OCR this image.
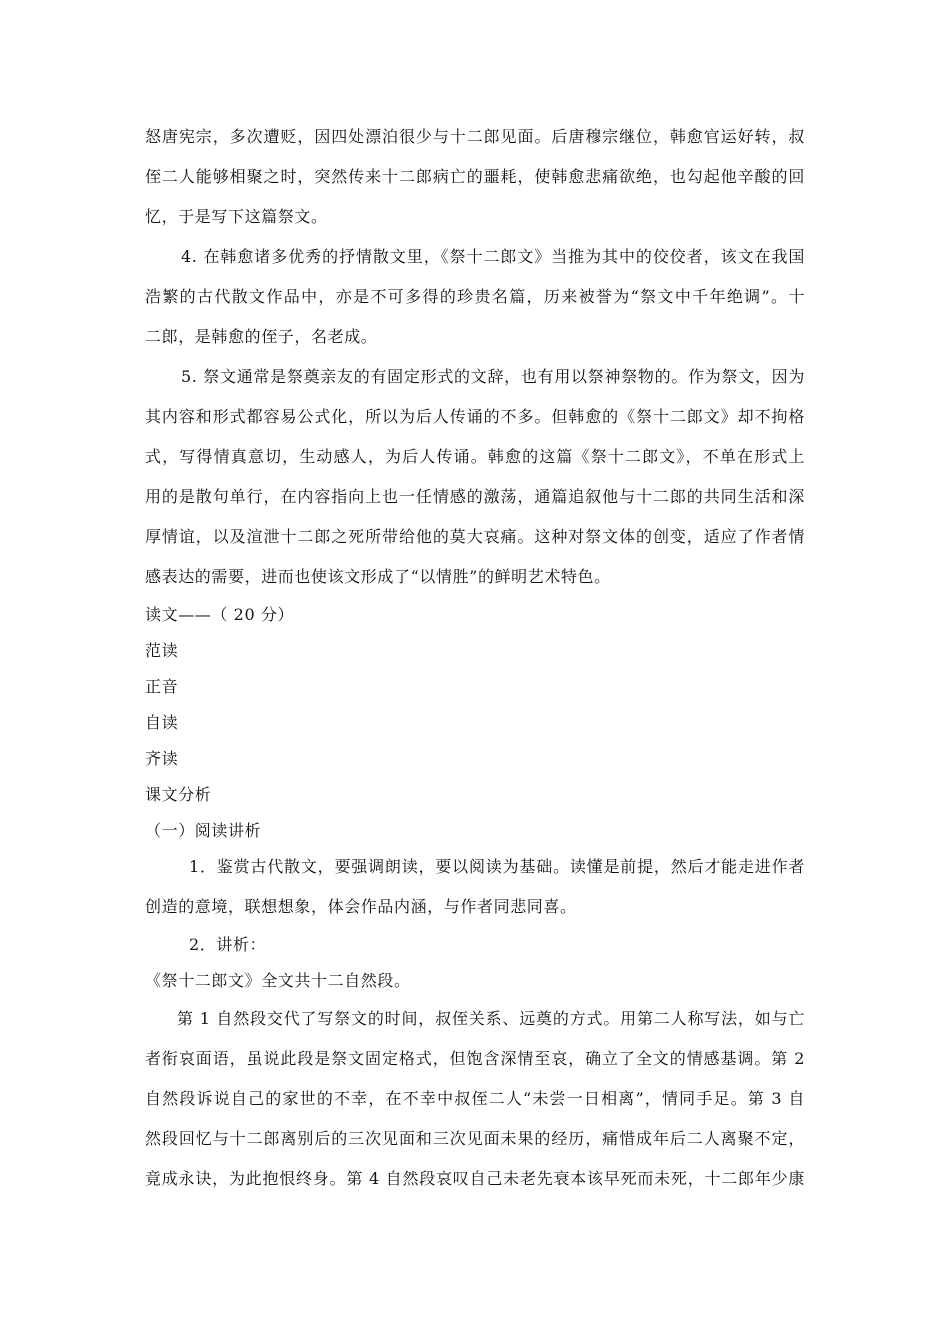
怒唐宪宗，多次遭贬，因四处漂泊很少与十二郎见面。后唐穆宗继位，韩愈官运好转，叔
侄二人能够相聚之时，突然传来十二郎病亡的噩耗，使韩愈悲痛欲绝，也勾起他辛酸的回
忆，于是写下这篇祭文。
4. 在韩愈诸多优秀的抒情散文里，《祭十二郎文》当推为其中的佼佼者，该文在我国
浩繁的古代散文作品中，亦是不可多得的珍贵名篇，历来被誉为“祭文中千年绝调”。十
二郎，是韩愈的侄子，名老成。
5. 祭文通常是祭奠亲友的有固定形式的文辞，也有用以祭神祭物的。作为祭文，因为
其内容和形式都容易公式化，所以为后人传诵的不多。但韩愈的《祭十二郎文》却不拘格
式，写得情真意切，生动感人，为后人传诵。韩愈的这篇《祭十二郎文》，不单在形式上
用的是散句单行，在内容指向上也一任情感的激荡，通篇追叙他与十二郎的共同生活和深
厚情谊，以及渲泄十二郎之死所带给他的莫大哀痛。这种对祭文体的创变，适应了作者情
感表达的需要，进而也使该文形成了“以情胜”的鲜明艺术特色。
读文——（ 20 分）
范读
正音
自读
齐读
课文分析
（一）阅读讲析
1．鉴赏古代散文，要强调朗读，要以阅读为基础。读懂是前提，然后才能走进作者
创造的意境，联想想象，体会作品内涵，与作者同悲同喜。
2．讲析：
《祭十二郎文》全文共十二自然段。
第 1 自然段交代了写祭文的时间，叔侄关系、远奠的方式。用第二人称写法，如与亡
者衔哀面语，虽说此段是祭文固定格式，但饱含深情至哀，确立了全文的情感基调。第 2
自然段诉说自己的家世的不幸，在不幸中叔侄二人“未尝一日相离”，情同手足。第 3 自
然段回忆与十二郎离别后的三次见面和三次见面未果的经历，痛惜成年后二人离聚不定，
竟成永诀，为此抱恨终身。第 4 自然段哀叹自己未老先衰本该早死而未死，十二郎年少康
